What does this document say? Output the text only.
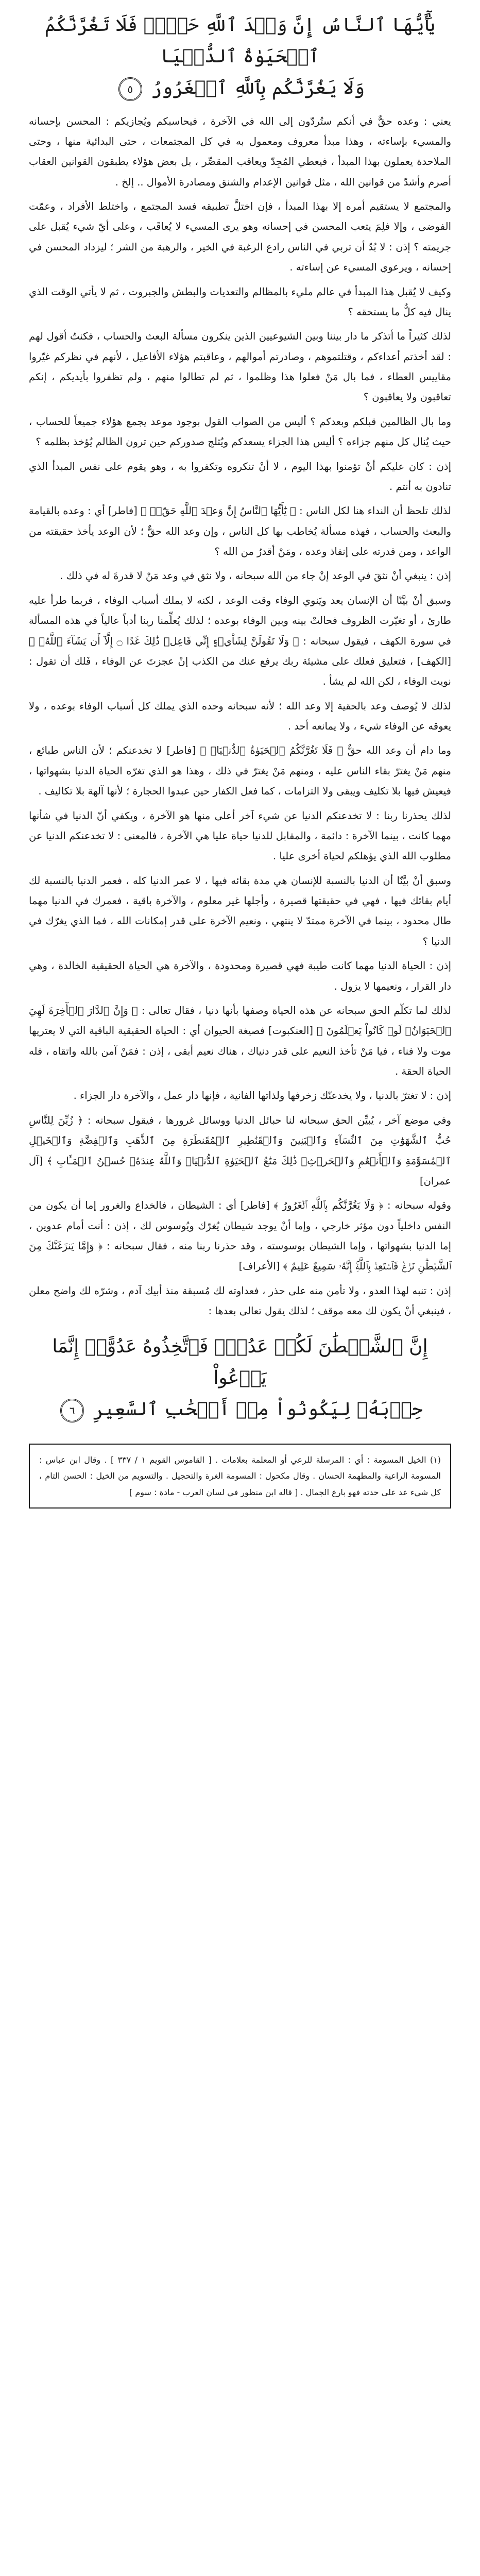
يَٰٓأَيُّهَا ٱلنَّاسُ إِنَّ وَعۡدَ ٱللَّهِ حَقّٞۖ فَلَا تَغُرَّنَّكُمُ ٱلۡحَيَوٰةُ ٱلدُّنۡيَا
وَلَا يَغُرَّنَّكُم بِٱللَّهِ ٱلۡغَرُورُ ٥

يعني : وعده حقٌّ في أنكم ستُردّون إلى الله في الآخرة ، فيحاسبكم ويُجازيكم : المحسن بإحسانه والمسيء بإساءته ، وهذا مبدأ معروف ومعمول به في كل المجتمعات ، حتى البدائية منها ، وحتى الملاحدة يعملون بهذا المبدأ ، فيعطي المُجِدّ ويعاقب المقصِّر ، بل بعض هؤلاء يطبقون القوانين العقاب أصرم وأشدّ من قوانين الله ، مثل قوانين الإعدام والشنق ومصادرة الأموال .. إلخ .

والمجتمع لا يستقيم أمره إلا بهذا المبدأ ، فإن اختلَّ تطبيقه فسد المجتمع ، واختلط الأفراد ، وعمّت الفوضى ، وإلا فلِمَ يتعب المحسن في إحسانه وهو يرى المسيء لا يُعاقَب ، وعلى أيّ شيء يُقبل على جريمته ؟ إذن : لا بُدّ أن تربي في الناس رادع الرغبة في الخير ، والرهبة من الشر ؛ ليزداد المحسن في إحسانه ، ويرعوي المسيء عن إساءته .

وكيف لا يُقبل هذا المبدأ في عالم مليء بالمظالم والتعديات والبطش والجبروت ، ثم لا يأتي الوقت الذي ينال فيه كلٌّ ما يستحقه ؟

لذلك كثيراً ما أتذكر ما دار بيننا وبين الشيوعيين الذين ينكرون مسألة البعث والحساب ، فكنتُ أقول لهم : لقد أخذتم أعداءكم ، وقتلتموهم ، وصادرتم أموالهم ، وعاقبتم هؤلاء الأفاعيل ، لأنهم في نظركم غيّروا مقاييس العطاء ، فما بال مَنْ فعلوا هذا وظلموا ، ثم لم تطالوا منهم ، ولم تظفروا بأيديكم ، إنكم تعاقبون ولا يعاقبون ؟

وما بال الظالمين قبلكم وبعدكم ؟ أليس من الصواب القول بوجود موعد يجمع هؤلاء جميعاً للحساب ، حيث يُنال كل منهم جزاءه ؟ أليس هذا الجزاء يسعدكم ويُثلج صدوركم حين ترون الظالم يُؤخذ بظلمه ؟

إذن : كان عليكم أنْ تؤمنوا بهذا اليوم ، لا أنْ تنكروه وتكفروا به ، وهو يقوم على نفس المبدأ الذي تنادون به أنتم .

لذلك تلحظ أن النداء هنا لكل الناس : ﴿ يَٰٓأَيُّهَا ٱلنَّاسُ إِنَّ وَعۡدَ ٱللَّهِ حَقّٞۖ ﴾ [فاطر] أي : وعده بالقيامة والبعث والحساب ، فهذه مسألة يُخاطب بها كل الناس ، وإن وعد الله حقٌّ ؛ لأن الوعد يأخذ حقيقته من الواعد ، ومن قدرته على إنفاذ وعده ، ومَنْ أقدرُ من الله ؟

إذن : ينبغي أنْ نثقَ في الوعد إنْ جاء من الله سبحانه ، ولا نثق في وعد مَنْ لا قدرةَ له في ذلك .

وسبق أنْ بيَّنّا أن الإنسان يعد ويَنوي الوفاء وقت الوعد ، لكنه لا يملك أسباب الوفاء ، فربما طرأ عليه طارئ ، أو تغيّرت الظروف فحالتْ بينه وبين الوفاء بوعده ؛ لذلك يُعلِّمنا ربنا أدباً عالياً في هذه المسألة في سورة الكهف ، فيقول سبحانه : ﴿ وَلَا تَقُولَنَّ لِشَاْيۡءٍ إِنِّي فَاعِلٞ ذَٰلِكَ غَدًا ۝ إِلَّآ أَن يَشَآءَ ٱللَّهُۚ ﴾ [الكهف] ، فتعليق فعلك على مشيئة ربك يرفع عنك من الكذب إنْ عجزتَ عن الوفاء ، فَلك أن تقول : نويت الوفاء ، لكن الله لم يشأ .

لذلك لا يُوصف وعد بالحقية إلا وعد الله ؛ لأنه سبحانه وحده الذي يملك كل أسباب الوفاء بوعده ، ولا يعوقه عن الوفاء شيء ، ولا يمانعه أحد .

وما دام أن وعد الله حقٌّ ﴿ فَلَا تَغُرَّنَّكُمُ ٱلۡحَيَوٰةُ ٱلدُّنۡيَاۖ ﴾ [فاطر] لا تخدعنكم ؛ لأن الناس طبائع ، منهم مَنْ يغترّ بقاء الناس عليه ، ومنهم مَنْ يغترّ في ذلك ، وهذا هو الذي تغرّه الحياة الدنيا بشهواتها ، فيعيش فيها بلا تكليف ويبقى ولا التزامات ، كما فعل الكفار حين عبدوا الحجارة ؛ لأنها آلهة بلا تكاليف .

لذلك يحذرنا ربنا : لا تخدعنكم الدنيا عن شيء آخر أعلى منها هو الآخرة ، ويكفي أنّ الدنيا في شأنها مهما كانت ، بينما الآخرة : دائمة ، والمقابل للدنيا حياة عليا هي الآخرة ، فالمعنى : لا تخدعنكم الدنيا عن مطلوب الله الذي يؤهلكم لحياة أخرى عليا .

وسبق أنْ بيَّنّا أن الدنيا بالنسبة للإنسان هي مدة بقائه فيها ، لا عمر الدنيا كله ، فعمر الدنيا بالنسبة لك أيام بقائك فيها ، فهي في حقيقتها قصيرة ، وأجلها غير معلوم ، والآخرة باقية ، فعمرك في الدنيا مهما طال محدود ، بينما في الآخرة ممتدّ لا ينتهي ، ونعيم الآخرة على قدر إمكانات الله ، فما الذي يغرّك في الدنيا ؟

إذن : الحياة الدنيا مهما كانت طيبة فهي قصيرة ومحدودة ، والآخرة هي الحياة الحقيقية الخالدة ، وهي دار القرار ، ونعيمها لا يزول .

لذلك لما تكلّم الحق سبحانه عن هذه الحياة وصفها بأنها دنيا ، فقال تعالى : ﴿ وَإِنَّ ٱلدَّارَ ٱلۡأٓخِرَةَ لَهِيَ ٱلۡحَيَوَانُۚ لَوۡ كَانُواْ يَعۡلَمُونَ ﴾ [العنكبوت] فصيغة الحيوان أي : الحياة الحقيقية الباقية التي لا يعتريها موت ولا فناء ، فيا مَنْ تأخذ النعيم على قدر دنياك ، هناك نعيم أبقى ، إذن : فمَنْ آمن بالله واتقاه ، فله الحياة الحقة .

إذن : لا تغترّ بالدنيا ، ولا يخدعنّك زخرفها ولذاتها الفانية ، فإنها دار عمل ، والآخرة دار الجزاء .

وفي موضع آخر ، يُبيِّن الحق سبحانه لنا حبائل الدنيا ووسائل غرورها ، فيقول سبحانه : ﴿ زُيِّنَ لِلنَّاسِ حُبُّ ٱلشَّهَوَٰتِ مِنَ ٱلنِّسَآءِ وَٱلۡبَنِينَ وَٱلۡقَنَٰطِيرِ ٱلۡمُقَنطَرَةِ مِنَ ٱلذَّهَبِ وَٱلۡفِضَّةِ وَٱلۡخَيۡلِ ٱلۡمُسَوَّمَةِ وَٱلۡأَنۡعَٰمِ وَٱلۡحَرۡثِۗ ذَٰلِكَ مَتَٰعُ ٱلۡحَيَوٰةِ ٱلدُّنۡيَاۖ وَٱللَّهُ عِندَهُۥ حُسۡنُ ٱلۡمَـَٔابِ ﴾ [آل عمران]

وقوله سبحانه : ﴿ وَلَا يَغُرَّنَّكُم بِٱللَّهِ ٱلۡغَرُورُ ﴾ [فاطر] أي : الشيطان ، فالخداع والغرور إما أن يكون من النفس داخلياً دون مؤثر خارجي ، وإما أنْ يوجد شيطان يُغرّك ويُوسوس لك ، إذن : أنت أمام عدوين ، إما الدنيا بشهواتها ، وإما الشيطان بوسوسته ، وقد حذرنا ربنا منه ، فقال سبحانه : ﴿ وَإِمَّا يَنزَغَنَّكَ مِنَ ٱلشَّيۡطَٰنِ نَزۡغٞ فَٱسۡتَعِذۡ بِٱللَّهِۚ إِنَّهُۥ سَمِيعٌ عَلِيمٌ ﴾ [الأعراف]

إذن : تنبه لهذا العدو ، ولا تأمن منه على حذر ، فعداوته لك مُسبقة منذ أبيك آدم ، وشرّه لك واضح معلن ، فينبغي أنْ يكون لك معه موقف ؛ لذلك يقول تعالى بعدها :

إِنَّ ٱلشَّيۡطَٰنَ لَكُمۡ عَدُوّٞ فَٱتَّخِذُوهُ عَدُوًّاۚ إِنَّمَا يَدۡعُواْ
حِزۡبَهُۥ لِيَكُونُواْ مِنۡ أَصۡحَٰبِ ٱلسَّعِيرِ ٦
(١) الخيل المسومة : أي : المرسلة للرعي أو المعلمة بعلامات . [ القاموس القويم ١ / ٣٣٧ ] . وقال ابن عباس : المسومة الراعية والمطهمة الحسان . وقال مكحول : المسومة الغرة والتحجيل . والتسويم من الخيل : الحسن التام ، كل شيء عد على حدته فهو بارع الجمال . [ قاله ابن منظور في لسان العرب - مادة : سوم ]
